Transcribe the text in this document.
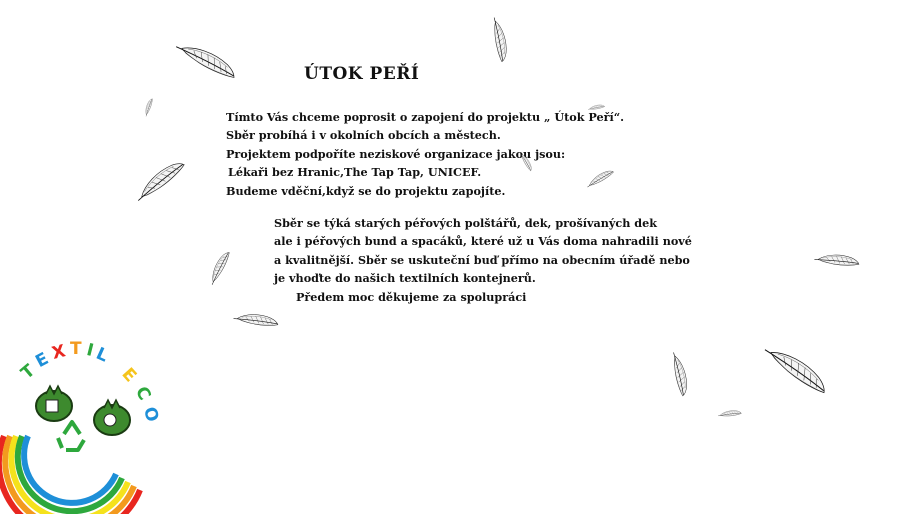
ÚTOK PEŘÍ
Tímto Vás chceme poprosit o zapojení do projektu „ Útok Peří“.
Sběr probíhá i v okolních obcích a městech.
Projektem podpoříte neziskové organizace jakou jsou:
Lékaři bez Hranic,The Tap Tap, UNICEF.
Budeme vděční,když se do projektu zapojíte.
Sběr se týká starých péřových polštářů, dek, prošívaných dek
ale i péřových bund a spacáků, které už u Vás doma nahradili nové
a kvalitnější. Sběr se uskuteční buď přímo na obecním úřadě nebo
je vhoďte do našich textilních kontejnerů.
Předem moc děkujeme za spolupráci
T
E
X T I
L
E
C
O
TEXTIL ECO
